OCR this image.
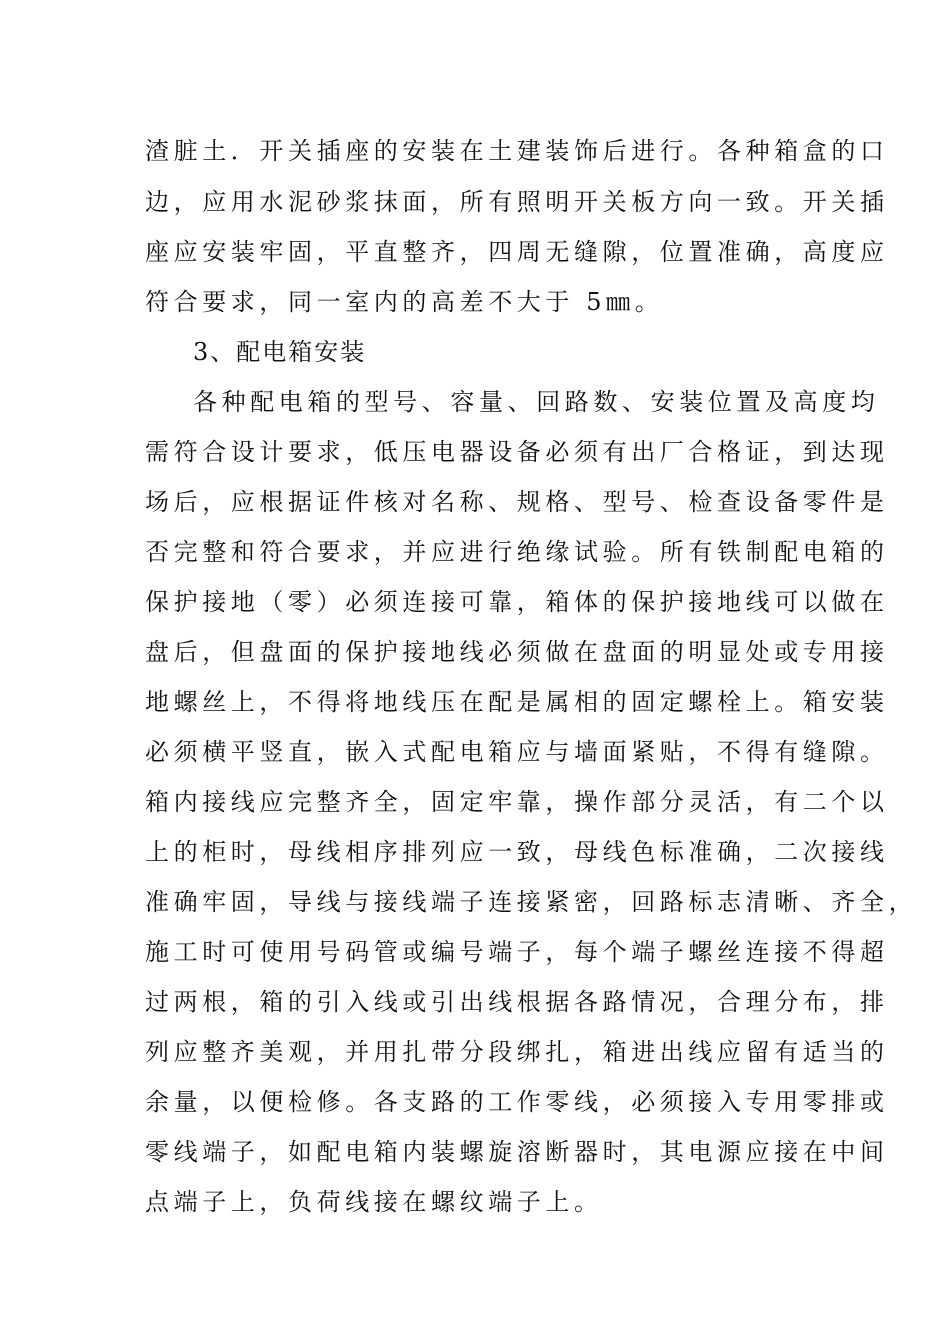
渣脏土．开关插座的安装在土建装饰后进行。各种箱盒的口
边，应用水泥砂浆抹面，所有照明开关板方向一致。开关插
座应安装牢固，平直整齐，四周无缝隙，位置准确，高度应
符合要求，同一室内的高差不大于 5㎜。
3、配电箱安装
各种配电箱的型号、容量、回路数、安装位置及高度均
需符合设计要求，低压电器设备必须有出厂合格证，到达现
场后，应根据证件核对名称、规格、型号、检查设备零件是
否完整和符合要求，并应进行绝缘试验。所有铁制配电箱的
保护接地（零）必须连接可靠，箱体的保护接地线可以做在
盘后，但盘面的保护接地线必须做在盘面的明显处或专用接
地螺丝上，不得将地线压在配是属相的固定螺栓上。箱安装
必须横平竖直，嵌入式配电箱应与墙面紧贴，不得有缝隙。
箱内接线应完整齐全，固定牢靠，操作部分灵活，有二个以
上的柜时，母线相序排列应一致，母线色标准确，二次接线
准确牢固，导线与接线端子连接紧密，回路标志清晰、齐全，
施工时可使用号码管或编号端子，每个端子螺丝连接不得超
过两根，箱的引入线或引出线根据各路情况，合理分布，排
列应整齐美观，并用扎带分段绑扎，箱进出线应留有适当的
余量，以便检修。各支路的工作零线，必须接入专用零排或
零线端子，如配电箱内装螺旋溶断器时，其电源应接在中间
点端子上，负荷线接在螺纹端子上。
